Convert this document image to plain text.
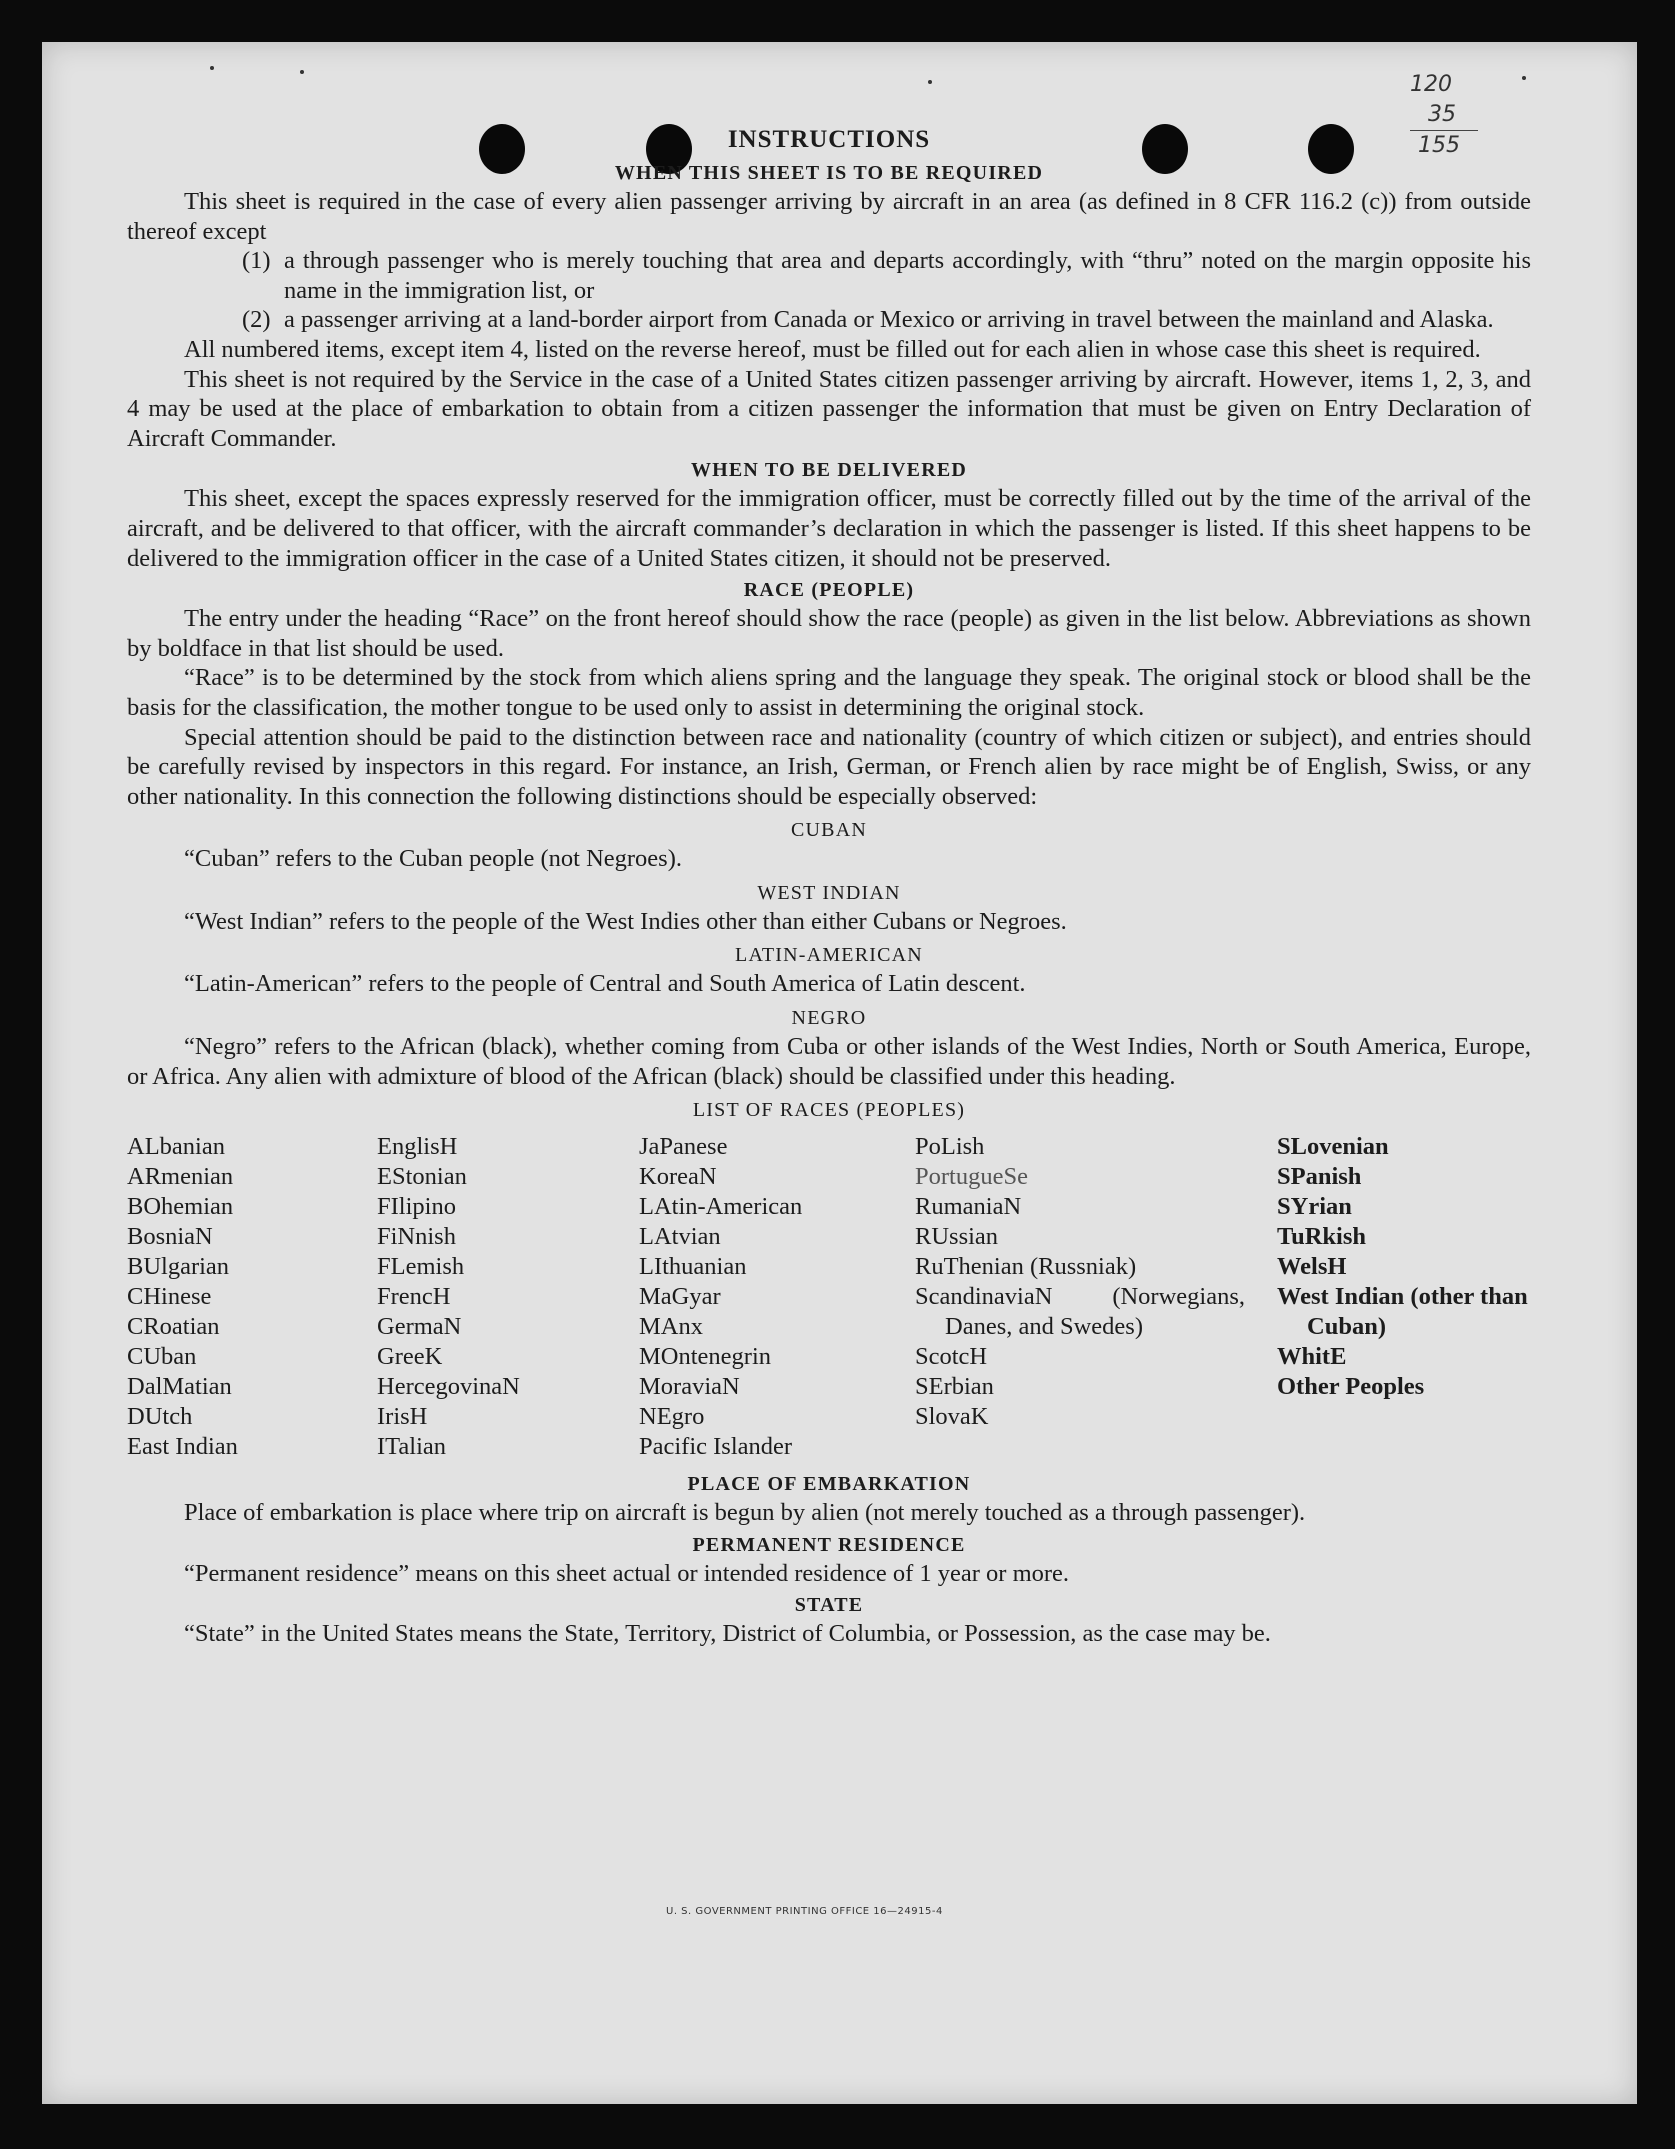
120
35
155
INSTRUCTIONS
WHEN THIS SHEET IS TO BE REQUIRED

This sheet is required in the case of every alien passenger arriving by aircraft in an area (as defined in 8 CFR 116.2 (c)) from outside thereof except

(1) a through passenger who is merely touching that area and departs accordingly, with “thru” noted on the margin opposite his name in the immigration list, or

(2) a passenger arriving at a land-border airport from Canada or Mexico or arriving in travel between the mainland and Alaska.

All numbered items, except item 4, listed on the reverse hereof, must be filled out for each alien in whose case this sheet is required.

This sheet is not required by the Service in the case of a United States citizen passenger arriving by aircraft. However, items 1, 2, 3, and 4 may be used at the place of embarkation to obtain from a citizen passenger the information that must be given on Entry Declaration of Aircraft Commander.

WHEN TO BE DELIVERED

This sheet, except the spaces expressly reserved for the immigration officer, must be correctly filled out by the time of the arrival of the aircraft, and be delivered to that officer, with the aircraft commander’s declaration in which the passenger is listed. If this sheet happens to be delivered to the immigration officer in the case of a United States citizen, it should not be preserved.

RACE (PEOPLE)

The entry under the heading “Race” on the front hereof should show the race (people) as given in the list below. Abbreviations as shown by boldface in that list should be used.

“Race” is to be determined by the stock from which aliens spring and the language they speak. The original stock or blood shall be the basis for the classification, the mother tongue to be used only to assist in determining the original stock.

Special attention should be paid to the distinction between race and nationality (country of which citizen or subject), and entries should be carefully revised by inspectors in this regard. For instance, an Irish, German, or French alien by race might be of English, Swiss, or any other nationality. In this connection the following distinctions should be especially observed:

CUBAN

“Cuban” refers to the Cuban people (not Negroes).

WEST INDIAN

“West Indian” refers to the people of the West Indies other than either Cubans or Negroes.

LATIN-AMERICAN

“Latin-American” refers to the people of Central and South America of Latin descent.

NEGRO

“Negro” refers to the African (black), whether coming from Cuba or other islands of the West Indies, North or South America, Europe, or Africa. Any alien with admixture of blood of the African (black) should be classified under this heading.

LIST OF RACES (PEOPLES)
ALbanian
ARmenian
BOhemian
BosniaN
BUlgarian
CHinese
CRoatian
CUban
DalMatian
DUtch
East Indian
EnglisH
EStonian
FIlipino
FiNnish
FLemish
FrencH
GermaN
GreeK
HercegovinaN
IrisH
ITalian
JaPanese
KoreaN
LAtin-American
LAtvian
LIthuanian
MaGyar
MAnx
MOntenegrin
MoraviaN
NEgro
Pacific Islander
PoLish
PortugueSe
RumaniaN
RUssian
RuThenian (Russniak)
ScandinaviaN (Norwegians, Danes, and Swedes)
ScotcH
SErbian
SlovaK
SLovenian
SPanish
SYrian
TuRkish
WelsH
West Indian (other than Cuban)
WhitE
Other Peoples
PLACE OF EMBARKATION

Place of embarkation is place where trip on aircraft is begun by alien (not merely touched as a through passenger).

PERMANENT RESIDENCE

“Permanent residence” means on this sheet actual or intended residence of 1 year or more.

STATE

“State” in the United States means the State, Territory, District of Columbia, or Possession, as the case may be.

U. S. GOVERNMENT PRINTING OFFICE 16—24915-4
